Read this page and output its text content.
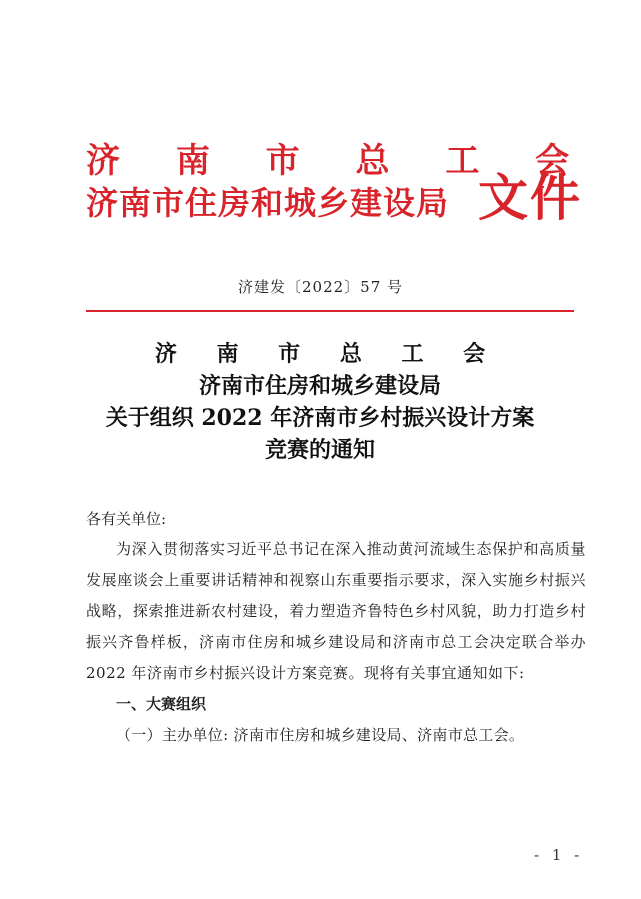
济 南 市 总 工 会
济南市住房和城乡建设局 文件
济建发〔2022〕57 号
济 南 市 总 工 会
济南市住房和城乡建设局
关于组织 2022 年济南市乡村振兴设计方案
竞赛的通知

各有关单位:

为深入贯彻落实习近平总书记在深入推动黄河流域生态保护和高质量发展座谈会上重要讲话精神和视察山东重要指示要求，深入实施乡村振兴战略，探索推进新农村建设，着力塑造齐鲁特色乡村风貌，助力打造乡村振兴齐鲁样板，济南市住房和城乡建设局和济南市总工会决定联合举办 2022 年济南市乡村振兴设计方案竞赛。现将有关事宜通知如下:

一、大赛组织

（一）主办单位: 济南市住房和城乡建设局、济南市总工会。

- 1 -
